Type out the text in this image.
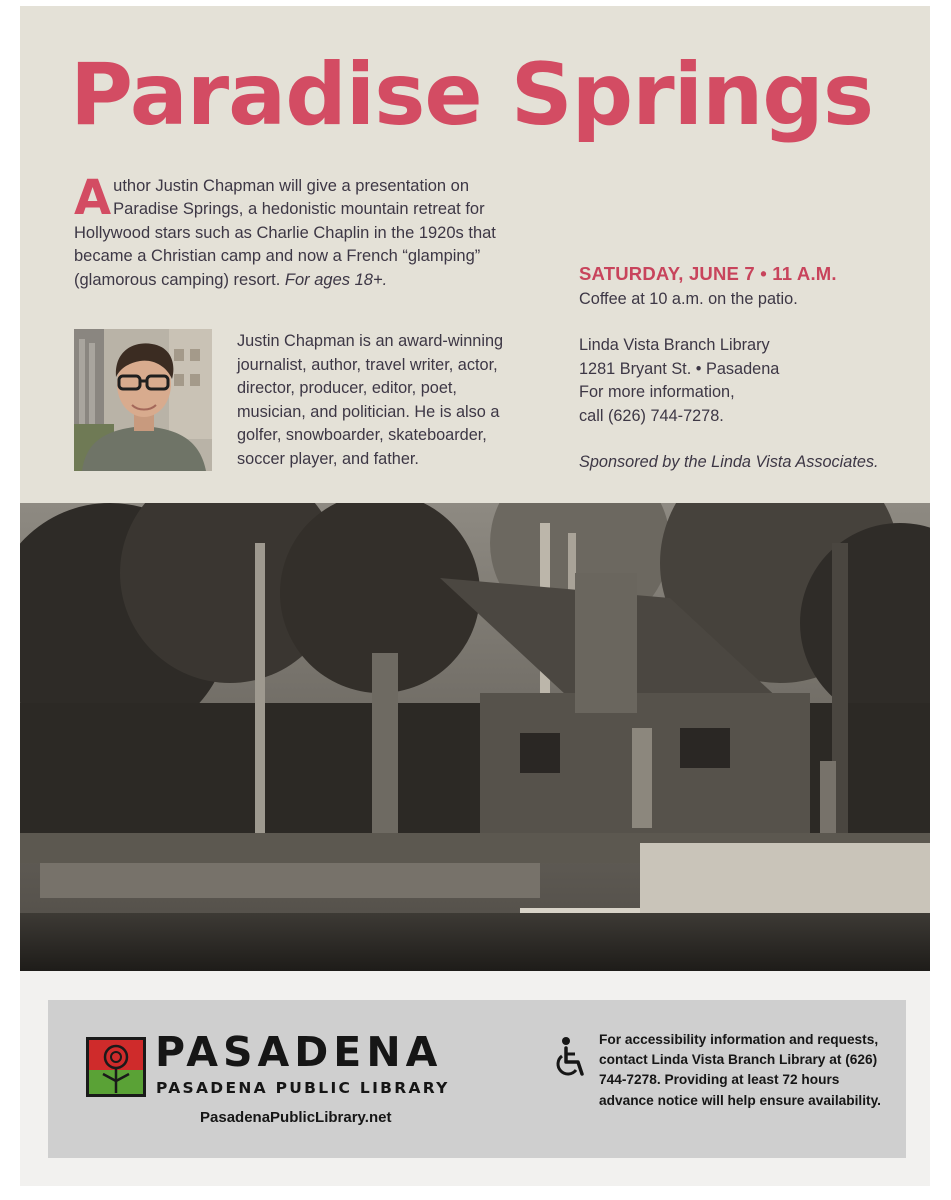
Paradise Springs
Author Justin Chapman will give a presentation on Paradise Springs, a hedonistic mountain retreat for Hollywood stars such as Charlie Chaplin in the 1920s that became a Christian camp and now a French “glamping” (glamorous camping) resort. For ages 18+.
Justin Chapman is an award-winning journalist, author, travel writer, actor, director, producer, editor, poet, musician, and politician. He is also a golfer, snowboarder, skateboarder, soccer player, and father.
SATURDAY, JUNE 7 • 11 A.M.
Coffee at 10 a.m. on the patio.
Linda Vista Branch Library
1281 Bryant St. • Pasadena
For more information,
call (626) 744-7278.
Sponsored by the Linda Vista Associates.
PASADENA
PASADENA PUBLIC LIBRARY
PasadenaPublicLibrary.net
For accessibility information and requests, contact Linda Vista Branch Library at (626) 744-7278. Providing at least 72 hours advance notice will help ensure availability.
